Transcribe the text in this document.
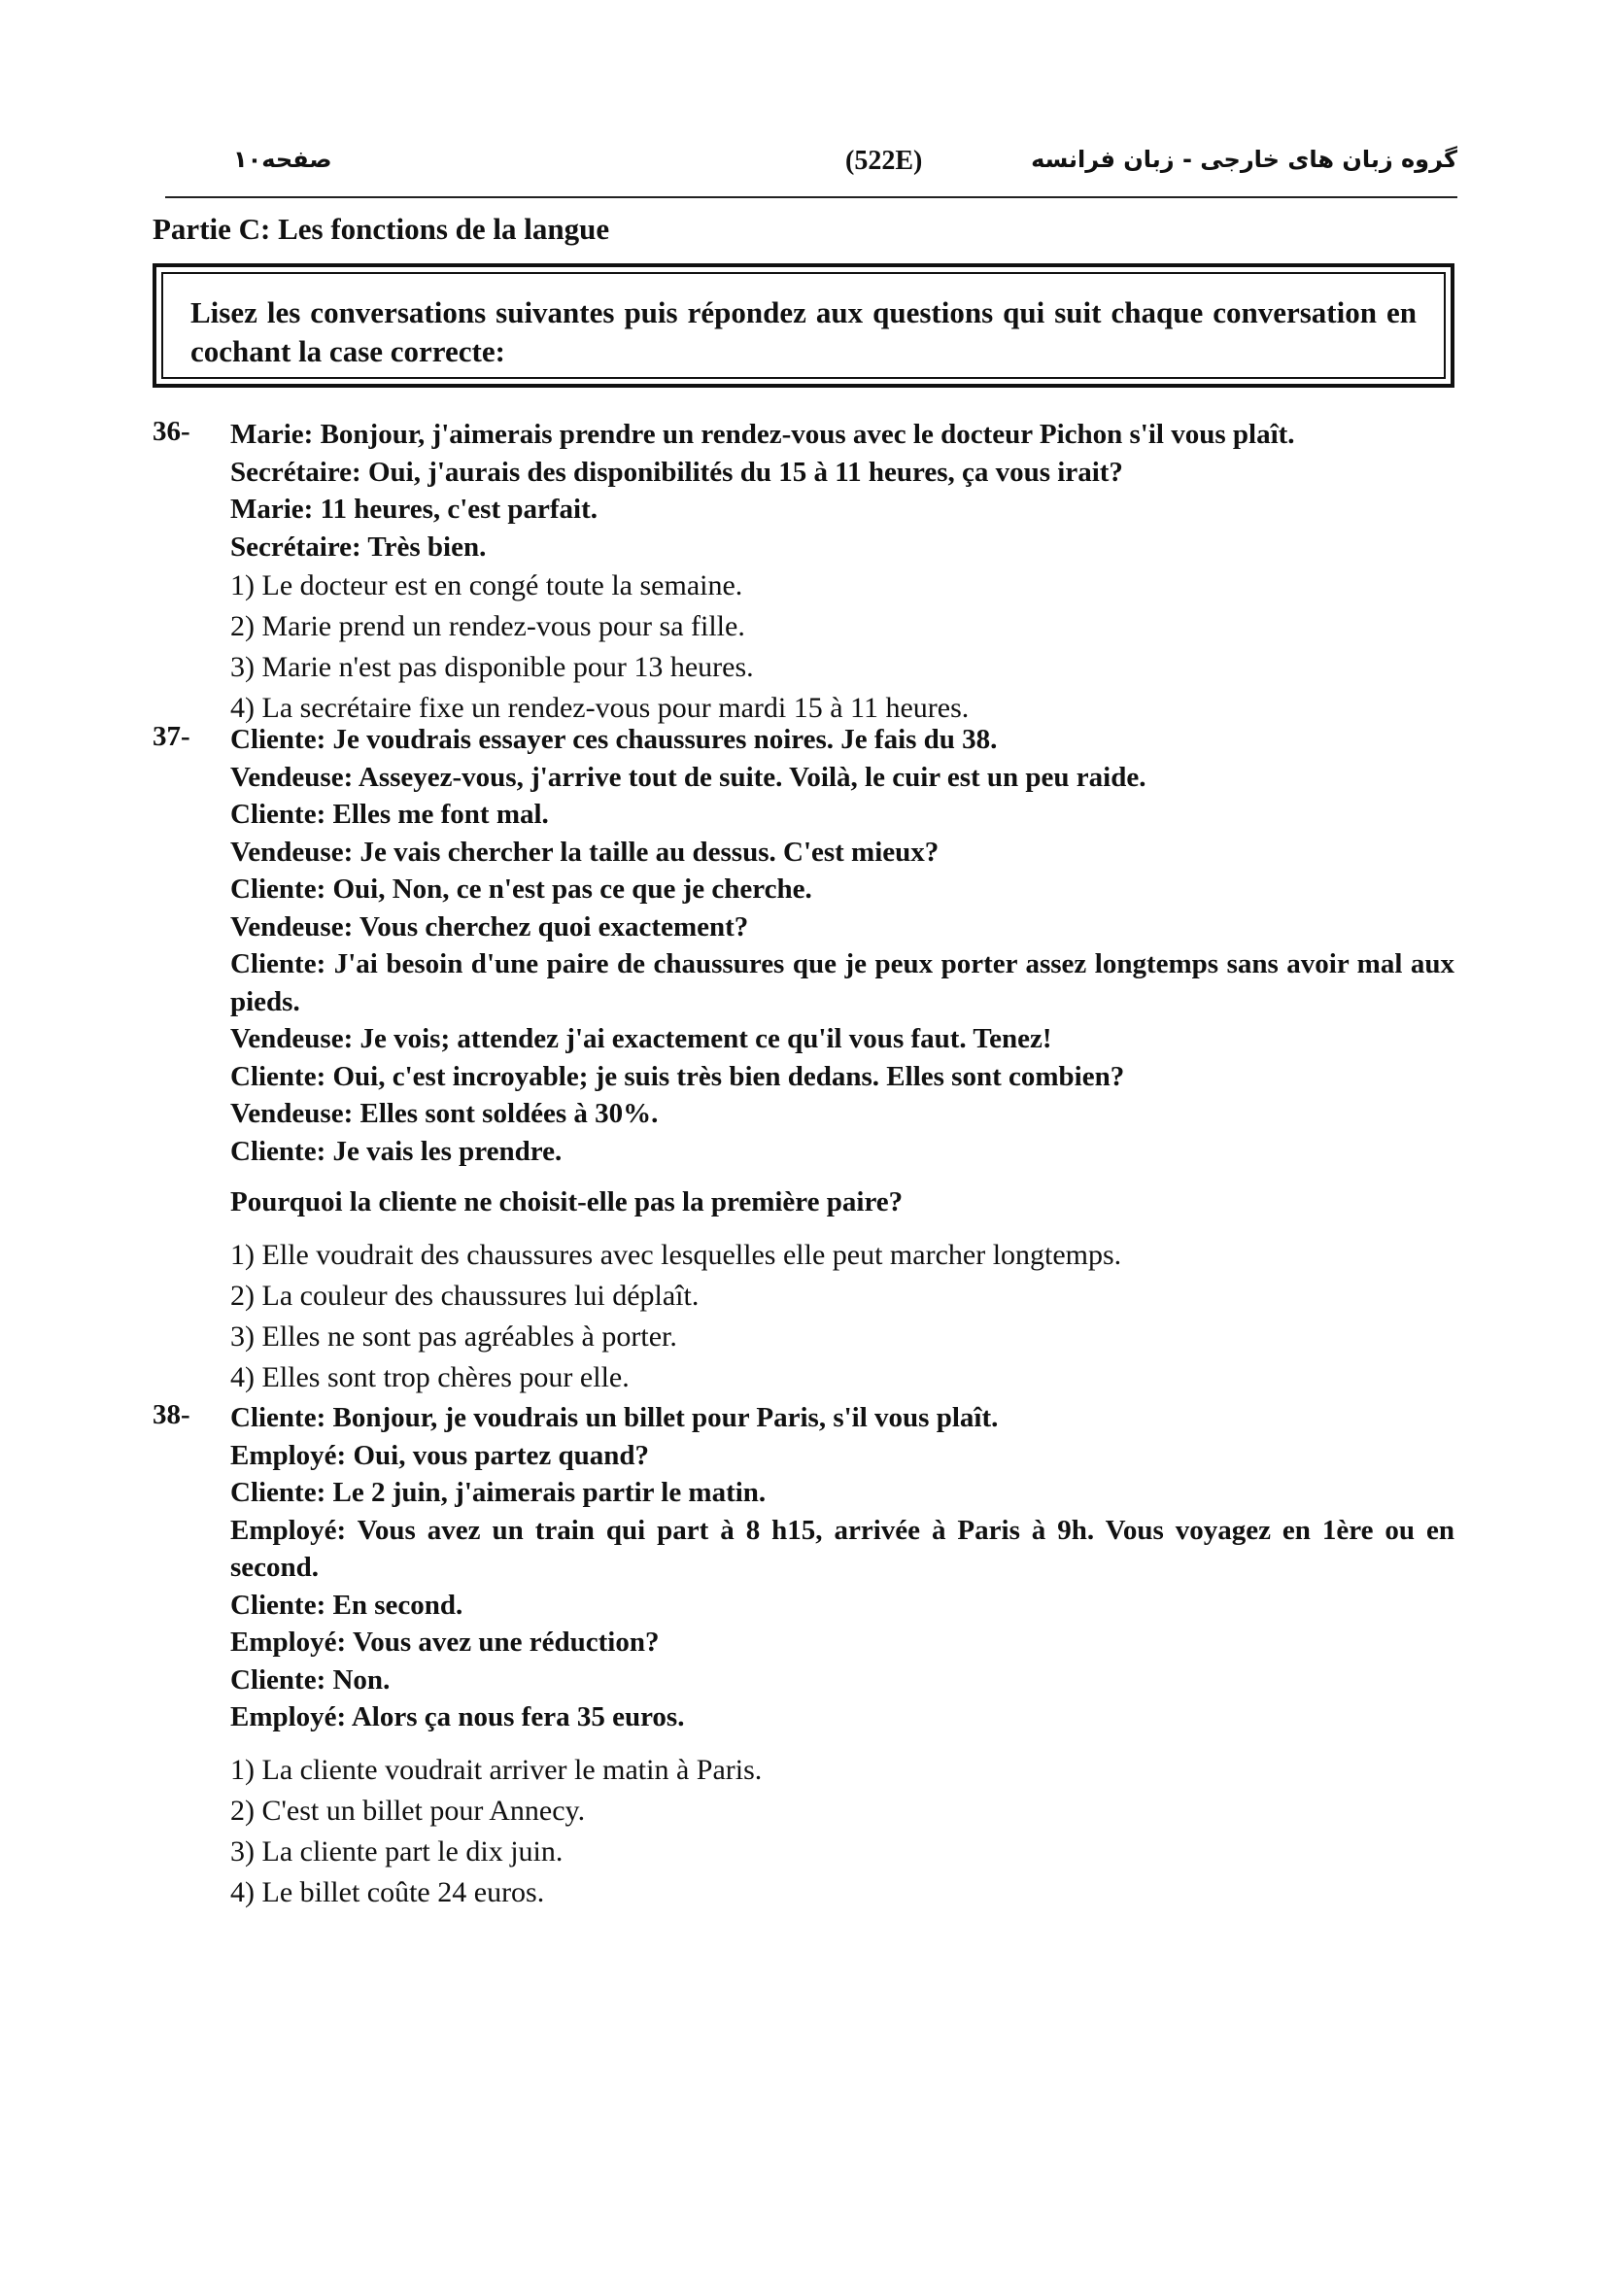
صفحه۱۰	(522E)	گروه زبان های خارجی - زبان فرانسه
Partie C: Les fonctions de la langue
Lisez les conversations suivantes puis répondez aux questions qui suit chaque conversation en cochant la case correcte:
36- Marie: Bonjour, j'aimerais prendre un rendez-vous avec le docteur Pichon s'il vous plaît.
Secrétaire: Oui, j'aurais des disponibilités du 15 à 11 heures, ça vous irait?
Marie: 11 heures, c'est parfait.
Secrétaire: Très bien.
1) Le docteur est en congé toute la semaine.
2) Marie prend un rendez-vous pour sa fille.
3) Marie n'est pas disponible pour 13 heures.
4) La secrétaire fixe un rendez-vous pour mardi 15 à 11 heures.
37- Cliente: Je voudrais essayer ces chaussures noires. Je fais du 38.
Vendeuse: Asseyez-vous, j'arrive tout de suite. Voilà, le cuir est un peu raide.
Cliente: Elles me font mal.
Vendeuse: Je vais chercher la taille au dessus. C'est mieux?
Cliente: Oui, Non, ce n'est pas ce que je cherche.
Vendeuse: Vous cherchez quoi exactement?
Cliente: J'ai besoin d'une paire de chaussures que je peux porter assez longtemps sans avoir mal aux pieds.
Vendeuse: Je vois; attendez j'ai exactement ce qu'il vous faut. Tenez!
Cliente: Oui, c'est incroyable; je suis très bien dedans. Elles sont combien?
Vendeuse: Elles sont soldées à 30%.
Cliente: Je vais les prendre.
Pourquoi la cliente ne choisit-elle pas la première paire?
1) Elle voudrait des chaussures avec lesquelles elle peut marcher longtemps.
2) La couleur des chaussures lui déplaît.
3) Elles ne sont pas agréables à porter.
4) Elles sont trop chères pour elle.
38- Cliente: Bonjour, je voudrais un billet pour Paris, s'il vous plaît.
Employé: Oui, vous partez quand?
Cliente: Le 2 juin, j'aimerais partir le matin.
Employé: Vous avez un train qui part à 8 h15, arrivée à Paris à 9h. Vous voyagez en 1ère ou en second.
Cliente: En second.
Employé: Vous avez une réduction?
Cliente: Non.
Employé: Alors ça nous fera 35 euros.
1) La cliente voudrait arriver le matin à Paris.
2) C'est un billet pour Annecy.
3) La cliente part le dix juin.
4) Le billet coûte 24 euros.
